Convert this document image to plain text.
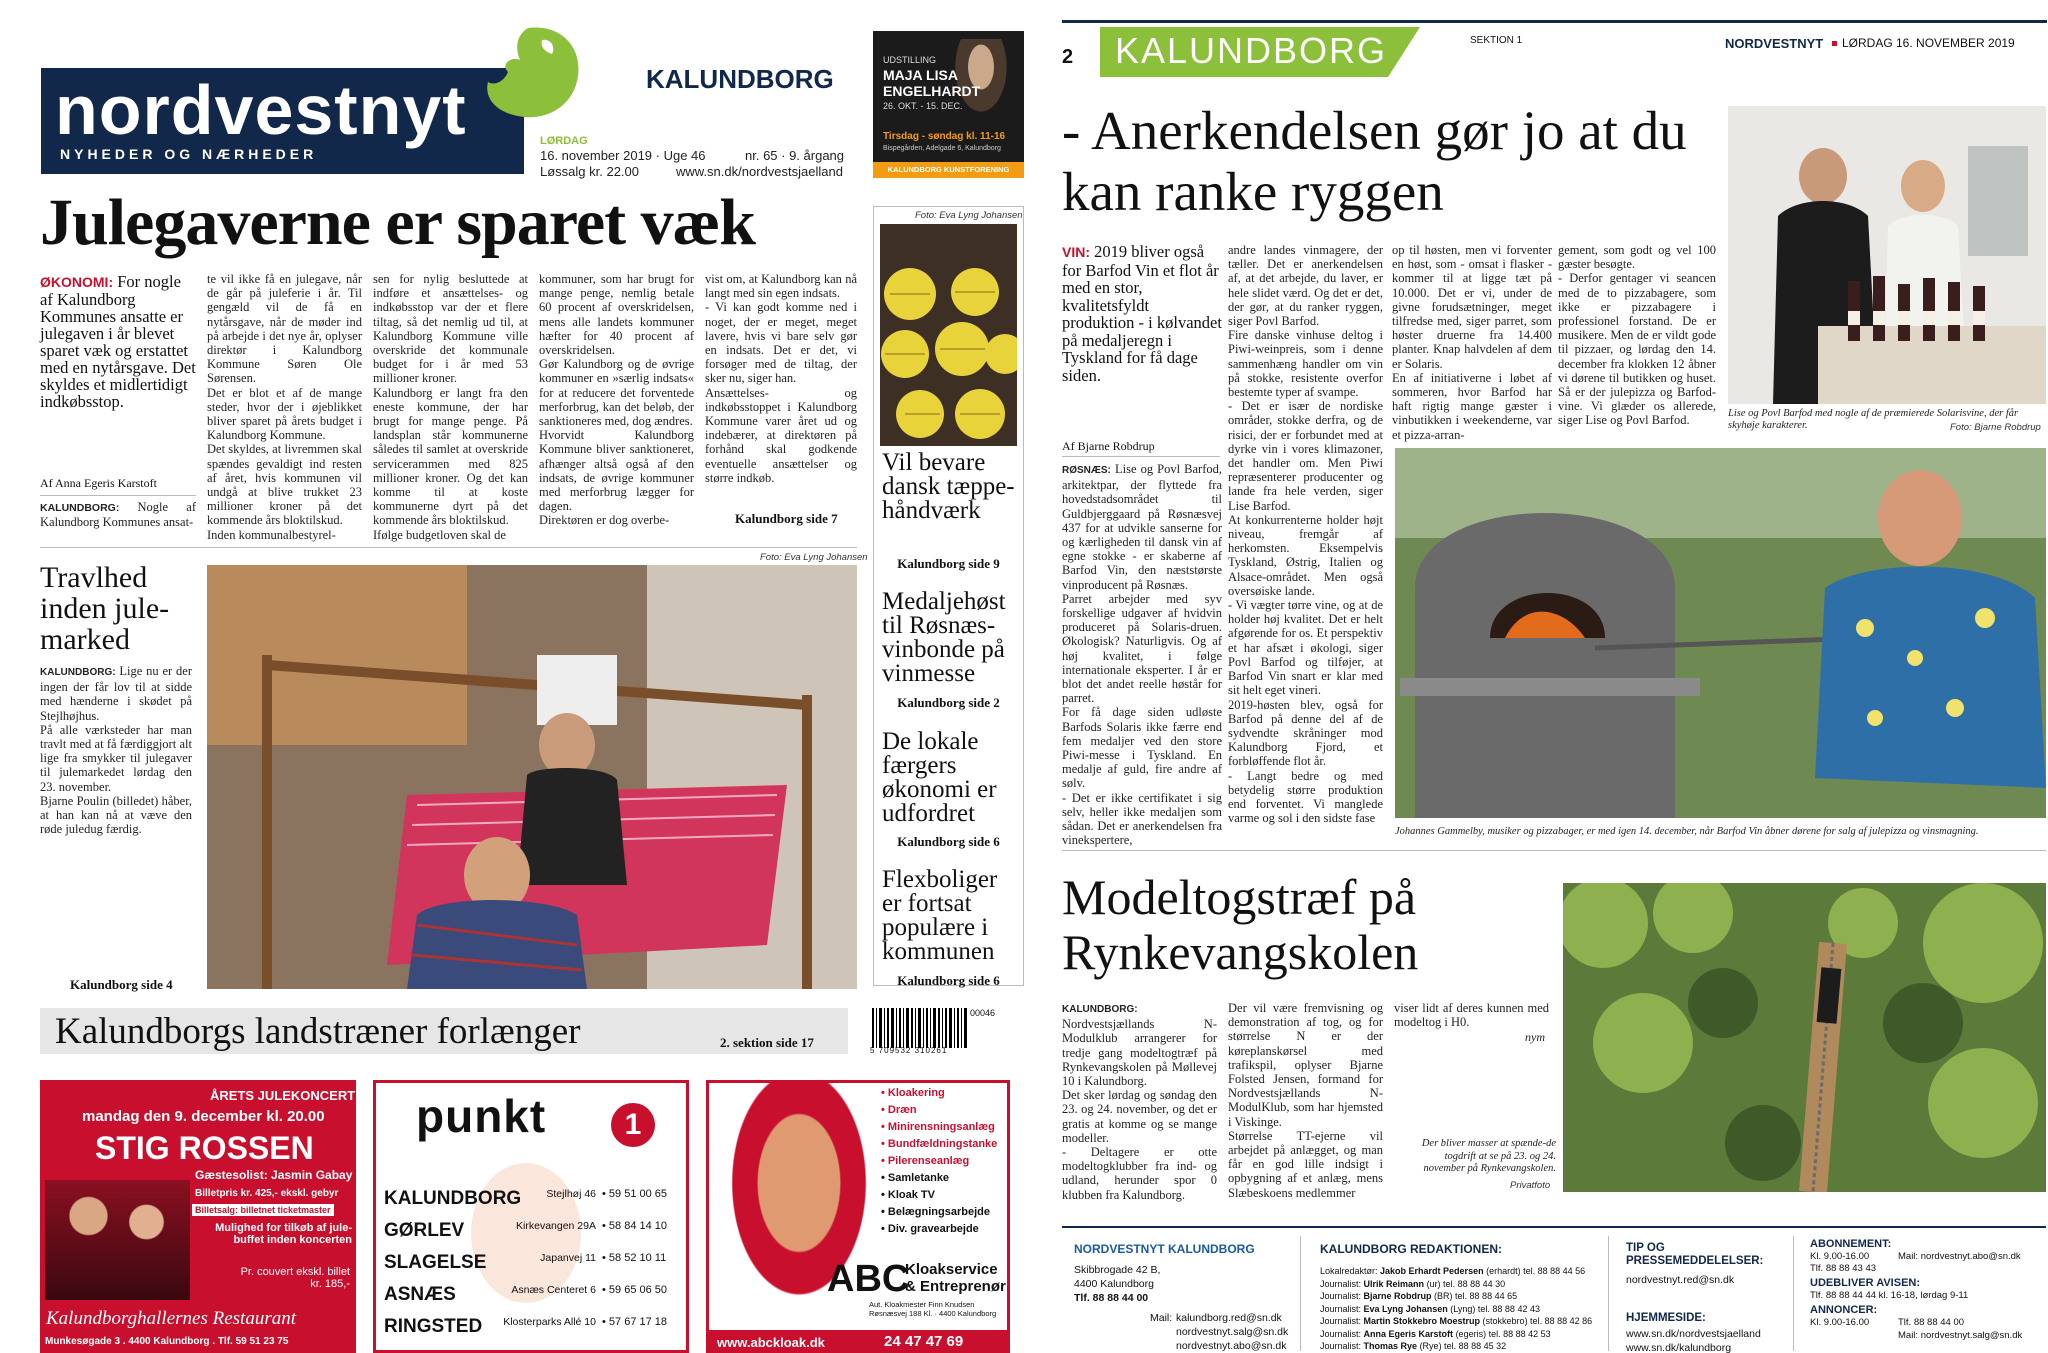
nordvestnyt
NYHEDER OG NÆRHEDER
KALUNDBORG
LØRDAG
16. november 2019 · Uge 46	nr. 65 · 9. årgang
Løssalg kr. 22.00	www.sn.dk/nordvestsjaelland
UDSTILLING
MAJA LISA
ENGELHARDT
26. OKT. - 15. DEC.
Tirsdag - søndag kl. 11-16
Bispegården, Adelgade 6, Kalundborg
KALUNDBORG KUNSTFORENING
Julegaverne er sparet væk
ØKONOMI: For nogle af Kalundborg Kommunes ansatte er julegaven i år blevet sparet væk og erstattet med en nytårsgave. Det skyldes et midlertidigt indkøbsstop.
Af Anna Egeris Karstoft

KALUNDBORG: Nogle af Kalundborg Kommunes ansat-

te vil ikke få en julegave, når de går på juleferie i år. Til gengæld vil de få en nytårsgave, når de møder ind på arbejde i det nye år, oplyser direktør i Kalundborg Kommune Søren Ole Sørensen.
Det er blot et af de mange steder, hvor der i øjeblikket bliver sparet på årets budget i Kalundborg Kommune.
Det skyldes, at livremmen skal spændes gevaldigt ind resten af året, hvis kommunen vil undgå at blive trukket 23 millioner kroner på det kommende års bloktilskud.
Inden kommunalbestyrel-

sen for nylig besluttede at indføre et ansættelses- og indkøbsstop var der et flere tiltag, så det nemlig ud til, at Kalundborg Kommune ville overskride det kommunale budget for i år med 53 millioner kroner.
Kalundborg er langt fra den eneste kommune, der har brugt for mange penge. På landsplan står kommunerne således til samlet at overskride servicerammen med 825 millioner kroner. Og det kan komme til at koste kommunerne dyrt på det kommende års bloktilskud.
Ifølge budgetloven skal de

kommuner, som har brugt for mange penge, nemlig betale 60 procent af overskridelsen, mens alle landets kommuner hæfter for 40 procent af overskridelsen.
Gør Kalundborg og de øvrige kommuner en »særlig indsats« for at reducere det forventede merforbrug, kan det beløb, der sanktioneres med, dog ændres.
Hvorvidt Kalundborg Kommune bliver sanktioneret, afhænger altså også af den indsats, de øvrige kommuner med merforbrug lægger for dagen.
Direktøren er dog overbe-

vist om, at Kalundborg kan nå langt med sin egen indsats.
- Vi kan godt komme ned i noget, der er meget, meget lavere, hvis vi bare selv gør en indsats. Det er det, vi forsøger med de tiltag, der sker nu, siger han.
Ansættelses- og indkøbsstoppet i Kalundborg Kommune varer året ud og indebærer, at direktøren på forhånd skal godkende eventuelle ansættelser og større indkøb.

Kalundborg side 7
Foto: Eva Lyng Johansen
Vil bevare dansk tæppe-håndværk
Kalundborg side 9
Medaljehøst til Røsnæs-vinbonde på vinmesse
Kalundborg side 2
De lokale færgers økonomi er udfordret
Kalundborg side 6
Flexboliger er fortsat populære i kommunen
Kalundborg side 6
Travlhed inden jule-marked

KALUNDBORG: Lige nu er der ingen der får lov til at sidde med hænderne i skødet på Stejlhøjhus.
På alle værksteder har man travlt med at få færdiggjort alt lige fra smykker til julegaver til julemarkedet lørdag den 23. november.
Bjarne Poulin (billedet) håber, at han kan nå at væve den røde juledug færdig.

Kalundborg side 4
Foto: Eva Lyng Johansen
Kalundborgs landstræner forlænger	2. sektion side 17
00046
5 709532 310261
ÅRETS JULEKONCERT
mandag den 9. december kl. 20.00
STIG ROSSEN
Gæstesolist: Jasmin Gabay
Billetpris kr. 425,- ekskl. gebyr
Billetsalg: billetnet ticketmaster
Mulighed for tilkøb af jule-buffet inden koncerten
Pr. couvert ekskl. billet kr. 185,-
Kalundborghallernes Restaurant
Munkesøgade 3 . 4400 Kalundborg . Tlf. 59 51 23 75
punkt	1
KALUNDBORG	Stejlhøj 46 • 59 51 00 65
GØRLEV	Kirkevangen 29A • 58 84 14 10
SLAGELSE	Japanvej 11 • 58 52 10 11
ASNÆS	Asnæs Centeret 6 • 59 65 06 50
RINGSTED	Klosterparks Allé 10 • 57 67 17 18
• Kloakering
• Dræn
• Minirensningsanlæg
• Bundfældningstanke
• Pilerenseanlæg
• Samletanke
• Kloak TV
• Belægningsarbejde
• Div. gravearbejde
ABC
Kloakservice
& Entreprenør
Aut. Kloakmester Finn Knudsen
Røsnæsvej 188 Kl. · 4400 Kalundborg
www.abckloak.dk	24 47 47 69
2 KALUNDBORG	SEKTION 1	NORDVESTNYT LØRDAG 16. NOVEMBER 2019
- Anerkendelsen gør jo at du kan ranke ryggen
VIN: 2019 bliver også for Barfod Vin et flot år med en stor, kvalitetsfyldt produktion - i kølvandet på medaljeregn i Tyskland for få dage siden.
Af Bjarne Robdrup

RØSNÆS: Lise og Povl Barfod, arkitektpar, der flyttede fra hovedstadsområdet til Guldbjerggaard på Røsnæsvej 437 for at udvikle sanserne for og kærligheden til dansk vin af egne stokke - er skaberne af Barfod Vin, den næststørste vinproducent på Røsnæs.
Parret arbejder med syv forskellige udgaver af hvidvin produceret på Solaris-druen. Økologisk? Naturligvis. Og af høj kvalitet, i følge internationale eksperter. I år er blot det andet reelle høstår for parret.
For få dage siden udløste Barfods Solaris ikke færre end fem medaljer ved den store Piwi-messe i Tyskland. En medalje af guld, fire andre af sølv.
- Det er ikke certifikatet i sig selv, heller ikke medaljen som sådan. Det er anerkendelsen fra vinekspertere,

andre landes vinmagere, der tæller. Det er anerkendelsen af, at det arbejde, du laver, er hele slidet værd. Og det er det, der gør, at du ranker ryggen, siger Povl Barfod.
Fire danske vinhuse deltog i Piwi-weinpreis, som i denne sammenhæng handler om vin på stokke, resistente overfor bestemte typer af svampe.
- Det er især de nordiske områder, stokke derfra, og de risici, der er forbundet med at dyrke vin i vores klimazoner, det handler om. Men Piwi repræsenterer producenter og lande fra hele verden, siger Lise Barfod.
At konkurrenterne holder højt niveau, fremgår af herkomsten. Eksempelvis Tyskland, Østrig, Italien og Alsace-området. Men også oversøiske lande.
- Vi vægter tørre vine, og at de holder høj kvalitet. Det er helt afgørende for os. Et perspektiv et har afsæt i økologi, siger Povl Barfod og tilføjer, at Barfod Vin snart er klar med sit helt eget vineri.
2019-høsten blev, også for Barfod på denne del af de sydvendte skråninger mod Kalundborg Fjord, et forbløffende flot år.
- Langt bedre og med betydelig større produktion end forventet. Vi manglede varme og sol i den sidste fase

op til høsten, men vi forventer en høst, som - omsat i flasker - kommer til at ligge tæt på 10.000. Det er vi, under de givne forudsætninger, meget tilfredse med, siger parret, som høster druerne fra 14.400 planter. Knap halvdelen af dem er Solaris.
En af initiativerne i løbet af sommeren, hvor Barfod har haft rigtig mange gæster i vinbutikken i weekenderne, var et pizza-arran-

gement, som godt og vel 100 gæster besøgte.
- Derfor gentager vi seancen med de to pizzabagere, som ikke er pizzabagere i professionel forstand. De er musikere. Men de er vildt gode til pizzaer, og lørdag den 14. december fra klokken 12 åbner vi dørene til butikken og huset. Så er der julepizza og Barfod-vine. Vi glæder os allerede, siger Lise og Povl Barfod.	Lise og Povl Barfod med nogle af de præmierede Solarisvine, der får skyhøje karakterer.	Foto: Bjarne Robdrup
Johannes Gammelby, musiker og pizzabager, er med igen 14. december, når Barfod Vin åbner dørene for salg af julepizza og vinsmagning.
Modeltogstræf på Rynkevangskolen

KALUNDBORG: Nordvestsjællands N-Modulklub arrangerer for tredje gang modeltogtræf på Rynkevangskolen på Møllevej 10 i Kalundborg.
Det sker lørdag og søndag den 23. og 24. november, og det er gratis at komme og se mange modeller.
- Deltagere er otte modeltogklubber fra ind- og udland, herunder spor 0 klubben fra Kalundborg.

Der vil være fremvisning og demonstration af tog, og for størrelse N er der køreplanskørsel med trafikspil, oplyser Bjarne Folsted Jensen, formand for Nordvestsjællands N-ModulKlub, som har hjemsted i Viskinge.
Størrelse TT-ejerne vil arbejdet på anlægget, og man får en god lille indsigt i opbygning af et anlæg, mens Slæbeskoens medlemmer

viser lidt af deres kunnen med modeltog i H0.

nym
Der bliver masser at spænde-de togdrift at se på 23. og 24. november på Rynkevangskolen.
Privatfoto
NORDVESTNYT KALUNDBORG
Skibbrogade 42 B,
4400 Kalundborg
Tlf. 88 88 44 00
Mail: kalundborg.red@sn.dk
nordvestnyt.salg@sn.dk
nordvestnyt.abo@sn.dk
KALUNDBORG REDAKTIONEN:
Lokalredaktør: Jakob Erhardt Pedersen (erhardt) tel. 88 88 44 56
Journalist: Ulrik Reimann (ur) tel. 88 88 44 30
Journalist: Bjarne Robdrup (BR) tel. 88 88 44 65
Journalist: Eva Lyng Johansen (Lyng) tel. 88 88 42 43
Journalist: Martin Stokkebro Moestrup (stokkebro) tel. 88 88 42 86
Journalist: Anna Egeris Karstoft (egeris) tel. 88 88 42 53
Journalist: Thomas Rye (Rye) tel. 88 88 45 32
TIP OG PRESSEMEDDELELSER:
nordvestnyt.red@sn.dk
HJEMMESIDE:
www.sn.dk/nordvestsjaelland
www.sn.dk/kalundborg
ABONNEMENT:
Kl. 9.00-16.00	Mail: nordvestnyt.abo@sn.dk
Tlf. 88 88 43 43
UDEBLIVER AVISEN:
Tlf. 88 88 44 44 kl. 16-18, lørdag 9-11
ANNONCER:
Kl. 9.00-16.00	Tlf. 88 88 44 00
Mail: nordvestnyt.salg@sn.dk
